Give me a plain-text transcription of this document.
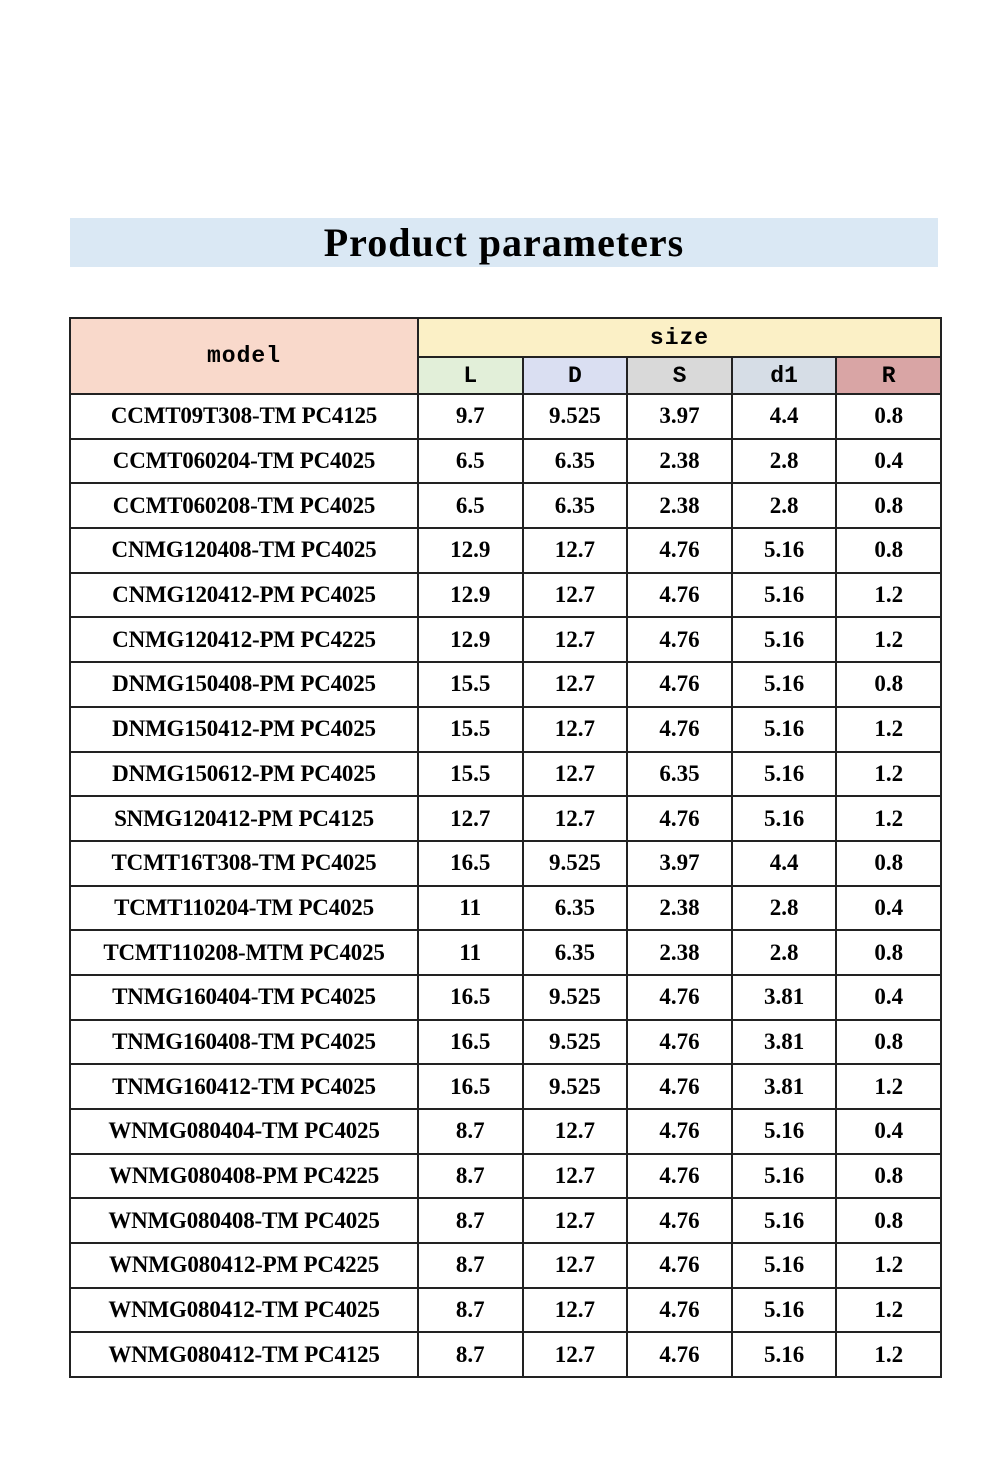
Product parameters
model	size				
	L	D	S	d1	R
CCMT09T308-TM PC4125	9.7	9.525	3.97	4.4	0.8
CCMT060204-TM PC4025	6.5	6.35	2.38	2.8	0.4
CCMT060208-TM PC4025	6.5	6.35	2.38	2.8	0.8
CNMG120408-TM PC4025	12.9	12.7	4.76	5.16	0.8
CNMG120412-PM PC4025	12.9	12.7	4.76	5.16	1.2
CNMG120412-PM PC4225	12.9	12.7	4.76	5.16	1.2
DNMG150408-PM PC4025	15.5	12.7	4.76	5.16	0.8
DNMG150412-PM PC4025	15.5	12.7	4.76	5.16	1.2
DNMG150612-PM PC4025	15.5	12.7	6.35	5.16	1.2
SNMG120412-PM PC4125	12.7	12.7	4.76	5.16	1.2
TCMT16T308-TM PC4025	16.5	9.525	3.97	4.4	0.8
TCMT110204-TM PC4025	11	6.35	2.38	2.8	0.4
TCMT110208-MTM PC4025	11	6.35	2.38	2.8	0.8
TNMG160404-TM PC4025	16.5	9.525	4.76	3.81	0.4
TNMG160408-TM PC4025	16.5	9.525	4.76	3.81	0.8
TNMG160412-TM PC4025	16.5	9.525	4.76	3.81	1.2
WNMG080404-TM PC4025	8.7	12.7	4.76	5.16	0.4
WNMG080408-PM PC4225	8.7	12.7	4.76	5.16	0.8
WNMG080408-TM PC4025	8.7	12.7	4.76	5.16	0.8
WNMG080412-PM PC4225	8.7	12.7	4.76	5.16	1.2
WNMG080412-TM PC4025	8.7	12.7	4.76	5.16	1.2
WNMG080412-TM PC4125	8.7	12.7	4.76	5.16	1.2
